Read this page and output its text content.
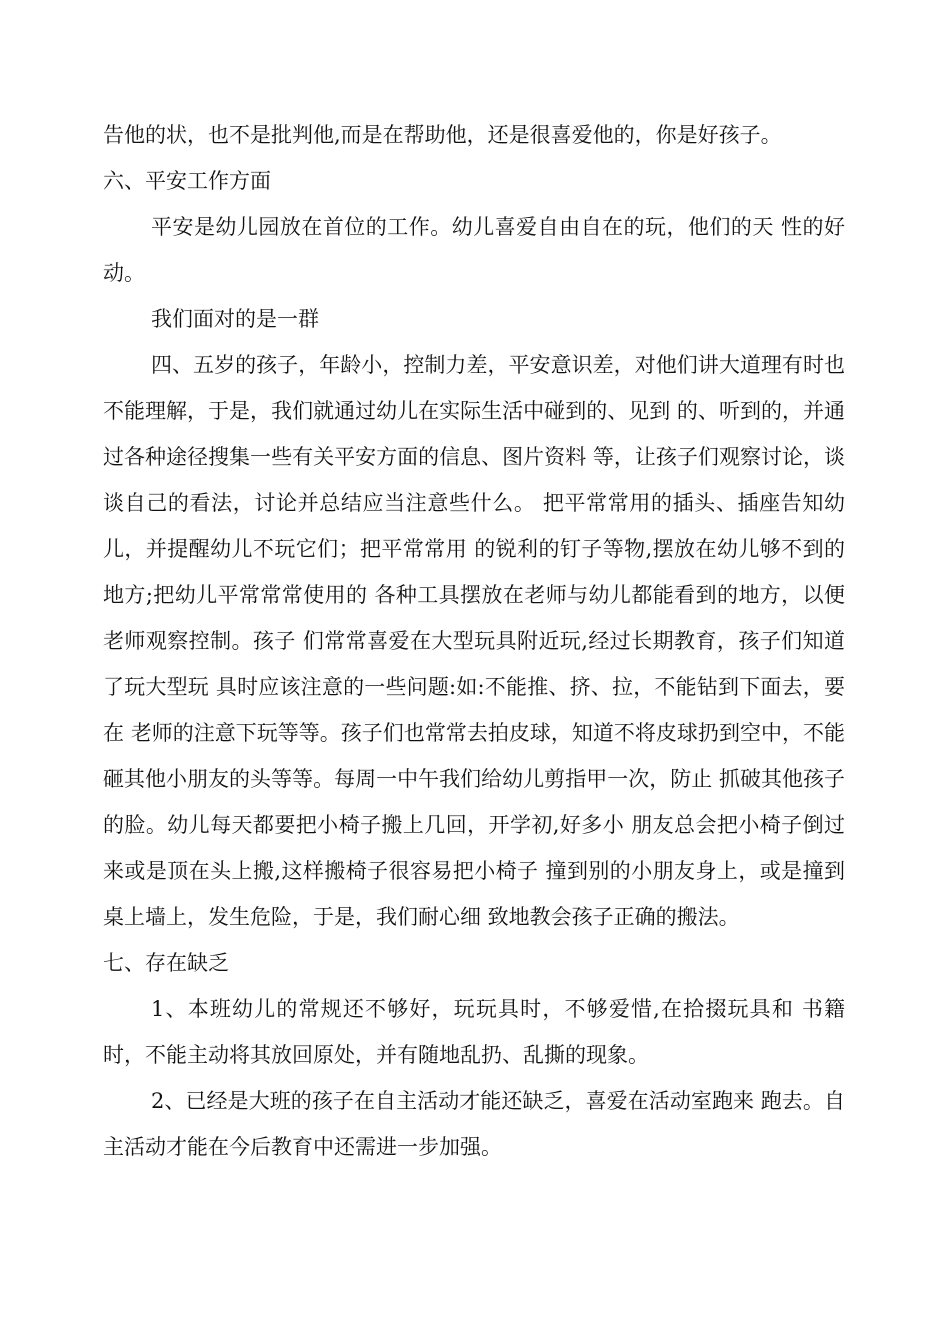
告他的状，也不是批判他,而是在帮助他，还是很喜爱他的，你是好孩子。

六、平安工作方面

平安是幼儿园放在首位的工作。幼儿喜爱自由自在的玩，他们的天 性的好动。

我们面对的是一群

四、五岁的孩子，年龄小，控制力差，平安意识差，对他们讲大道理有时也不能理解，于是，我们就通过幼儿在实际生活中碰到的、见到 的、听到的，并通过各种途径搜集一些有关平安方面的信息、图片资料 等，让孩子们观察讨论，谈谈自己的看法，讨论并总结应当注意些什么。 把平常常用的插头、插座告知幼儿，并提醒幼儿不玩它们；把平常常用 的锐利的钉子等物,摆放在幼儿够不到的地方;把幼儿平常常常使用的 各种工具摆放在老师与幼儿都能看到的地方，以便老师观察控制。孩子 们常常喜爱在大型玩具附近玩,经过长期教育，孩子们知道了玩大型玩 具时应该注意的一些问题:如:不能推、挤、拉，不能钻到下面去，要在 老师的注意下玩等等。孩子们也常常去拍皮球，知道不将皮球扔到空中，不能砸其他小朋友的头等等。每周一中午我们给幼儿剪指甲一次，防止 抓破其他孩子的脸。幼儿每天都要把小椅子搬上几回，开学初,好多小 朋友总会把小椅子倒过来或是顶在头上搬,这样搬椅子很容易把小椅子 撞到别的小朋友身上，或是撞到桌上墙上，发生危险，于是，我们耐心细 致地教会孩子正确的搬法。

七、存在缺乏

1、本班幼儿的常规还不够好，玩玩具时，不够爱惜,在拾掇玩具和 书籍时，不能主动将其放回原处，并有随地乱扔、乱撕的现象。

2、已经是大班的孩子在自主活动才能还缺乏，喜爱在活动室跑来 跑去。自主活动才能在今后教育中还需进一步加强。
